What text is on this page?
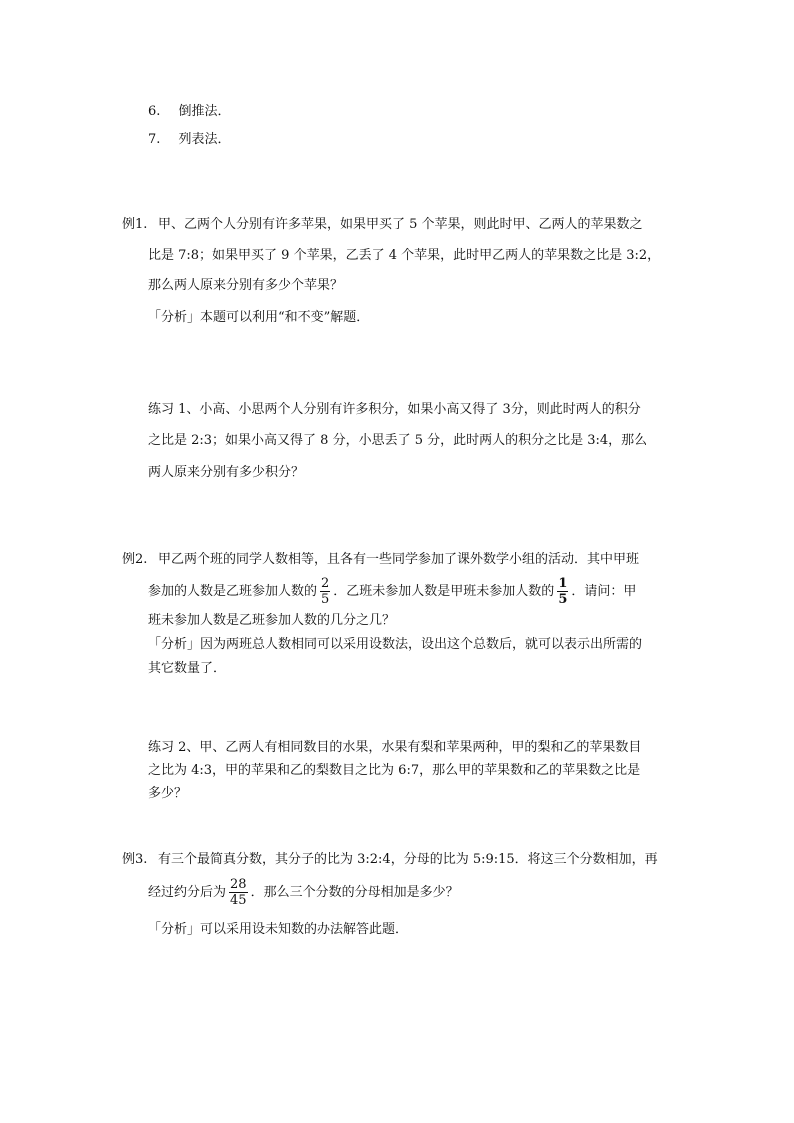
6. 倒推法．
7. 列表法．
例1. 甲、乙两个人分别有许多苹果，如果甲买了 5 个苹果，则此时甲、乙两人的苹果数之
比是 7:8；如果甲买了 9 个苹果，乙丢了 4 个苹果，此时甲乙两人的苹果数之比是 3:2，
那么两人原来分别有多少个苹果？
「分析」本题可以利用“和不变”解题．
练习 1、小高、小思两个人分别有许多积分，如果小高又得了 3分，则此时两人的积分
之比是 2:3；如果小高又得了 8 分，小思丢了 5 分，此时两人的积分之比是 3:4，那么
两人原来分别有多少积分？
例2. 甲乙两个班的同学人数相等，且各有一些同学参加了课外数学小组的活动．其中甲班
参加的人数是乙班参加人数的 $\frac{2}{5}$ ．乙班未参加人数是甲班未参加人数的 $\frac{1}{5}$ ．请问：甲
班未参加人数是乙班参加人数的几分之几？
「分析」因为两班总人数相同可以采用设数法，设出这个总数后，就可以表示出所需的
其它数量了．
练习 2、甲、乙两人有相同数目的水果，水果有梨和苹果两种，甲的梨和乙的苹果数目
之比为 4:3，甲的苹果和乙的梨数目之比为 6:7，那么甲的苹果数和乙的苹果数之比是
多少？
例3. 有三个最简真分数，其分子的比为 3:2:4，分母的比为 5:9:15．将这三个分数相加，再
经过约分后为 $\frac{28}{45}$ ．那么三个分数的分母相加是多少？
「分析」可以采用设未知数的办法解答此题．
